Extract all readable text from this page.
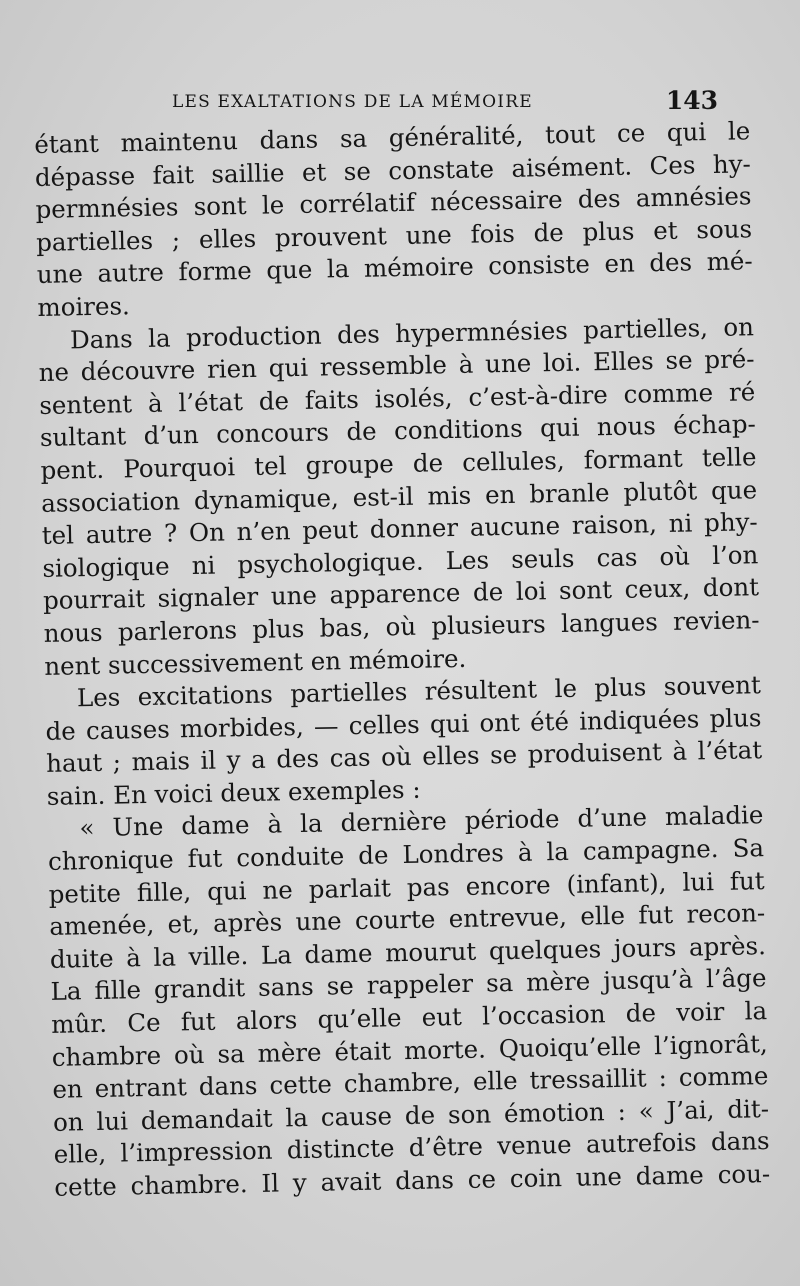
LES EXALTATIONS DE LA MÉMOIRE	143
étant maintenu dans sa généralité, tout ce qui le
dépasse fait saillie et se constate aisément. Ces hy-
permnésies sont le corrélatif nécessaire des amnésies
partielles ; elles prouvent une fois de plus et sous
une autre forme que la mémoire consiste en des mé-
moires.
Dans la production des hypermnésies partielles, on
ne découvre rien qui ressemble à une loi. Elles se pré-
sentent à l’état de faits isolés, c’est-à-dire comme ré
sultant d’un concours de conditions qui nous échap-
pent. Pourquoi tel groupe de cellules, formant telle
association dynamique, est-il mis en branle plutôt que
tel autre ? On n’en peut donner aucune raison, ni phy-
siologique ni psychologique. Les seuls cas où l’on
pourrait signaler une apparence de loi sont ceux, dont
nous parlerons plus bas, où plusieurs langues revien-
nent successivement en mémoire.
Les excitations partielles résultent le plus souvent
de causes morbides, — celles qui ont été indiquées plus
haut ; mais il y a des cas où elles se produisent à l’état
sain. En voici deux exemples :
« Une dame à la dernière période d’une maladie
chronique fut conduite de Londres à la campagne. Sa
petite fille, qui ne parlait pas encore (infant), lui fut
amenée, et, après une courte entrevue, elle fut recon-
duite à la ville. La dame mourut quelques jours après.
La fille grandit sans se rappeler sa mère jusqu’à l’âge
mûr. Ce fut alors qu’elle eut l’occasion de voir la
chambre où sa mère était morte. Quoiqu’elle l’ignorât,
en entrant dans cette chambre, elle tressaillit : comme
on lui demandait la cause de son émotion : « J’ai, dit-
elle, l’impression distincte d’être venue autrefois dans
cette chambre. Il y avait dans ce coin une dame cou-
